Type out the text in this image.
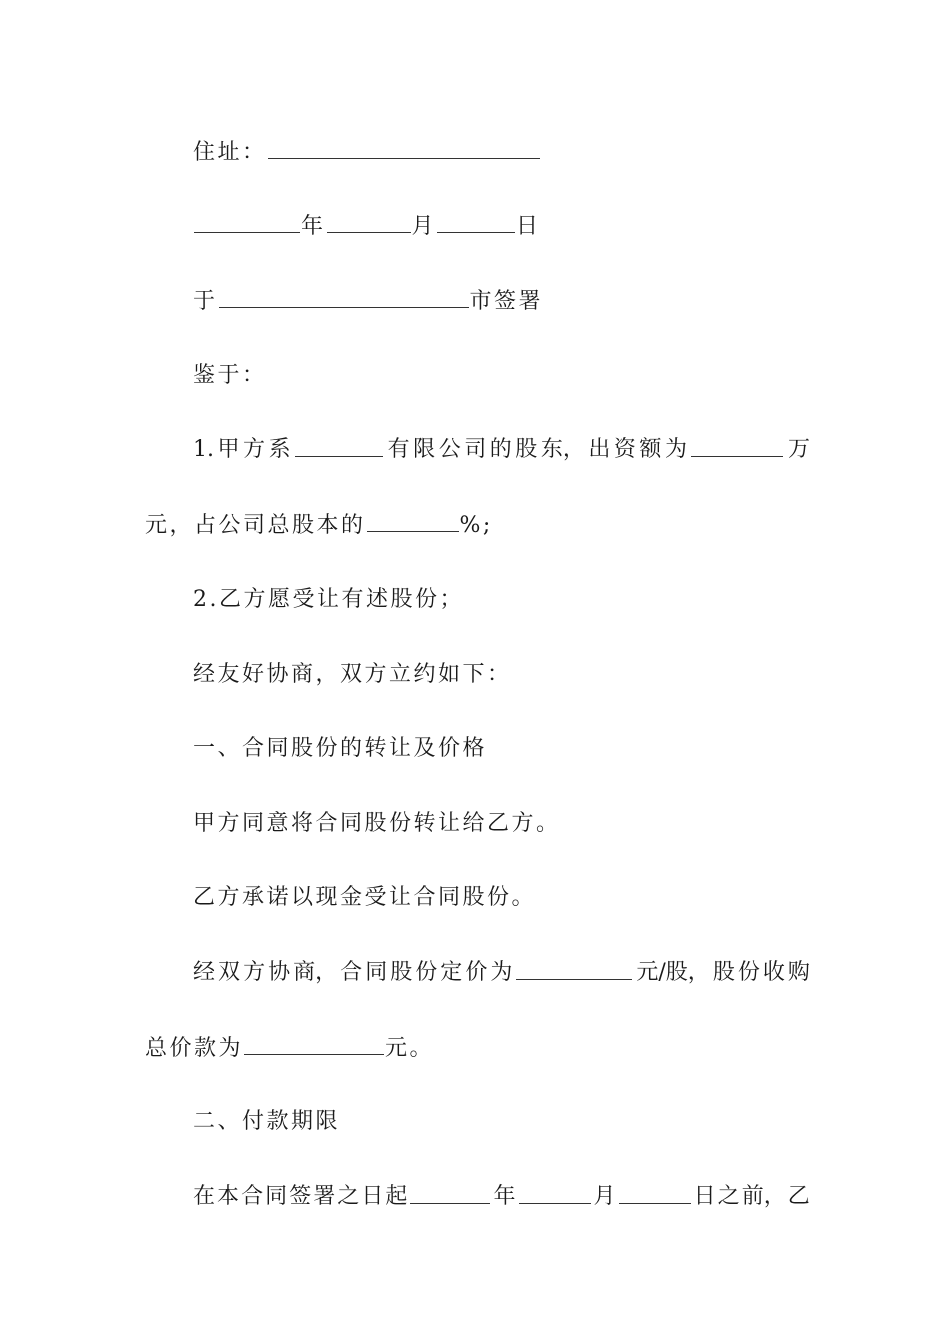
住址：
年	月	日
于	市签署
鉴于：
1. 甲 方 系	有 限 公 司 的 股 东， 出 资 额 为	万
元，占公司总股本的	%;
2.乙方愿受让有述股份；
经友好协商，双方立约如下：
一、合同股份的转让及价格
甲方同意将合同股份转让给乙方。
乙方承诺以现金受让合同股份。
经 双 方 协 商， 合 同 股 份 定 价 为	元/股， 股 份 收 购
总价款为	元。
二、付款期限
在 本 合 同 签 署 之 日 起	年	月	日 之 前， 乙
